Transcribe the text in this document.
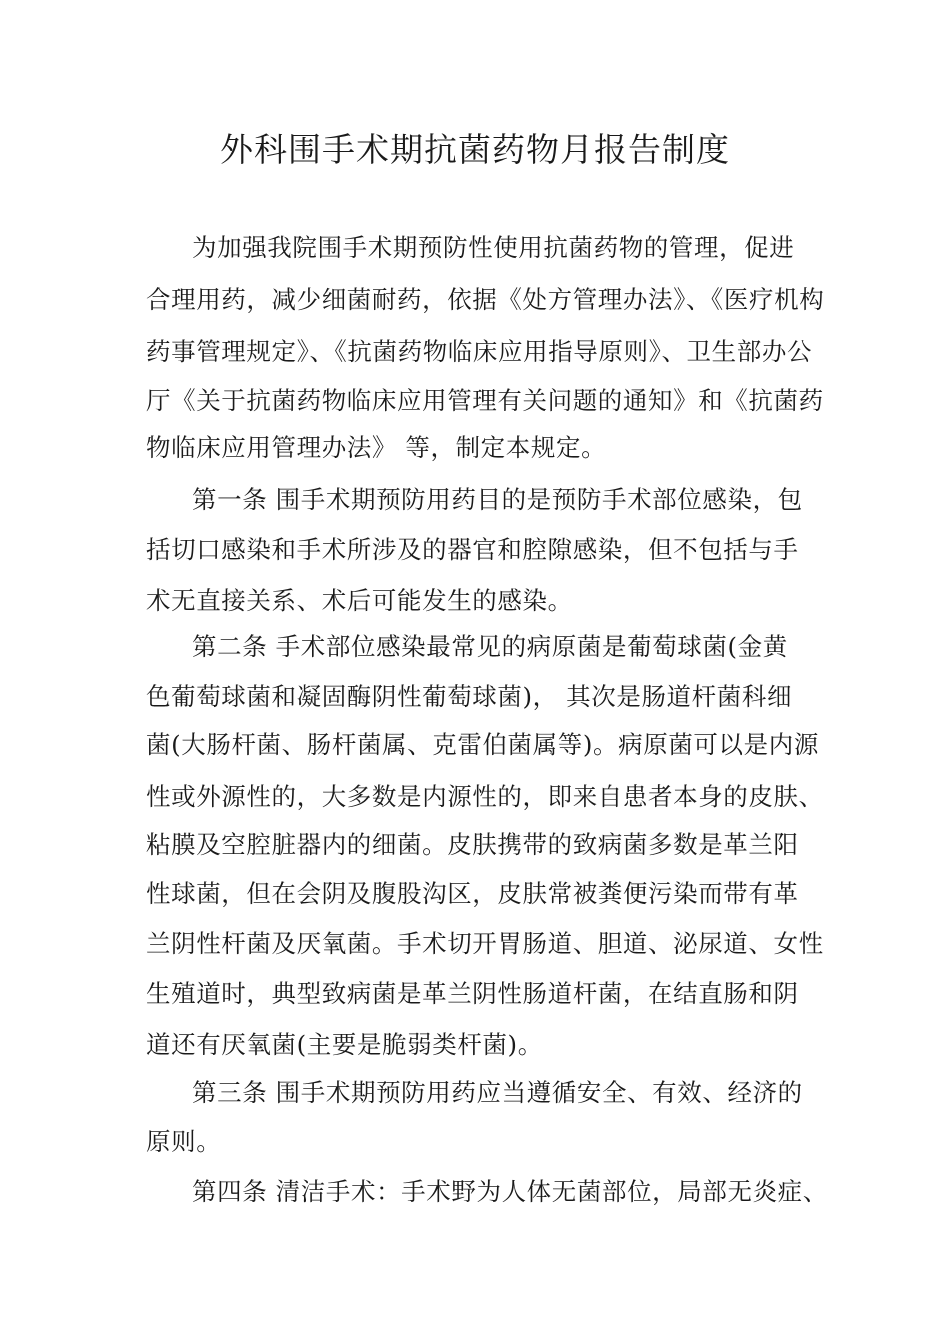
外科围手术期抗菌药物月报告制度
为加强我院围手术期预防性使用抗菌药物的管理，促进
合理用药，减少细菌耐药，依据《处方管理办法》、《医疗机构
药事管理规定》、《抗菌药物临床应用指导原则》、卫生部办公
厅《关于抗菌药物临床应用管理有关问题的通知》和《抗菌药
物临床应用管理办法》 等，制定本规定。
第一条 围手术期预防用药目的是预防手术部位感染，包
括切口感染和手术所涉及的器官和腔隙感染，但不包括与手
术无直接关系、术后可能发生的感染。
第二条 手术部位感染最常见的病原菌是葡萄球菌(金黄
色葡萄球菌和凝固酶阴性葡萄球菌)， 其次是肠道杆菌科细
菌(大肠杆菌、肠杆菌属、克雷伯菌属等)。病原菌可以是内源
性或外源性的，大多数是内源性的，即来自患者本身的皮肤、
粘膜及空腔脏器内的细菌。皮肤携带的致病菌多数是革兰阳
性球菌，但在会阴及腹股沟区，皮肤常被粪便污染而带有革
兰阴性杆菌及厌氧菌。手术切开胃肠道、胆道、泌尿道、女性
生殖道时，典型致病菌是革兰阴性肠道杆菌，在结直肠和阴
道还有厌氧菌(主要是脆弱类杆菌)。
第三条 围手术期预防用药应当遵循安全、有效、经济的
原则。
第四条 清洁手术：手术野为人体无菌部位，局部无炎症、
